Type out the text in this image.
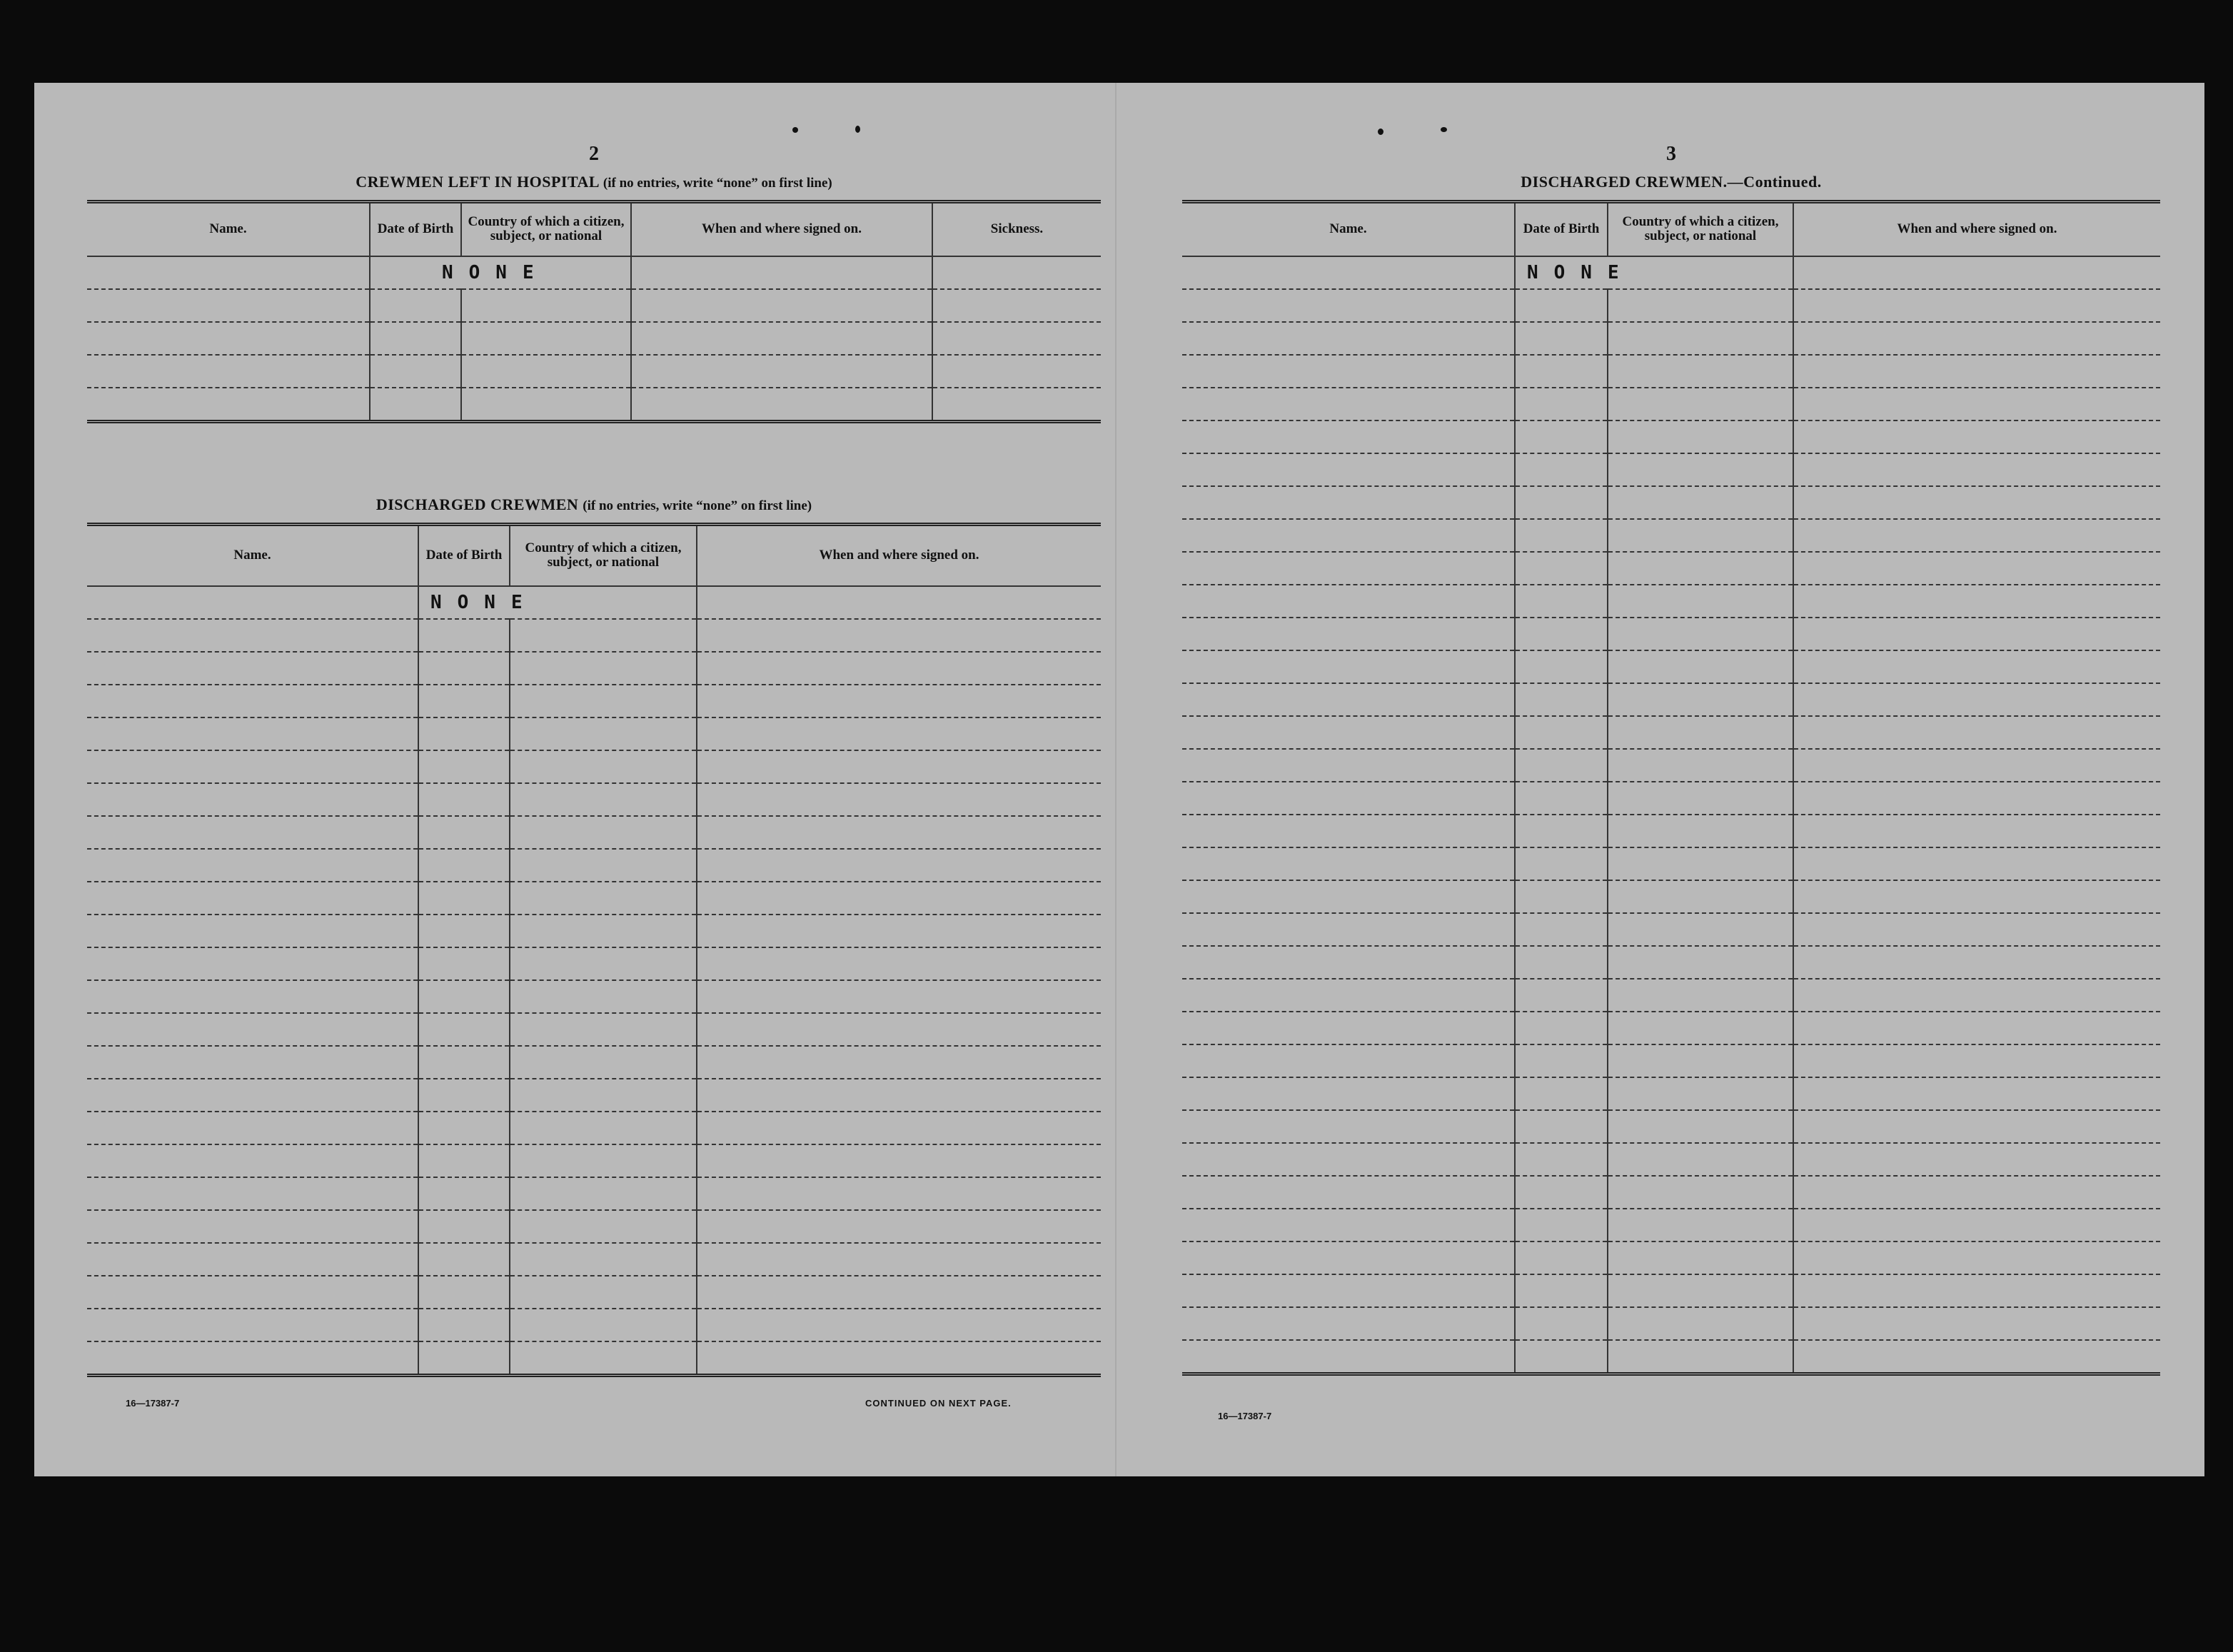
2
CREWMEN LEFT IN HOSPITAL (if no entries, write “none” on first line)
Name.	Date of Birth	Country of which a citizen, subject, or national	When and where signed on.	Sickness.
	NONE			

DISCHARGED CREWMEN (if no entries, write “none” on first line)
Name.	Date of Birth	Country of which a citizen, subject, or national	When and where signed on.
	NONE		

16—17387-7	CONTINUED ON NEXT PAGE.
3
DISCHARGED CREWMEN.—Continued.
Name.	Date of Birth	Country of which a citizen, subject, or national	When and where signed on.
	NONE		

16—17387-7
